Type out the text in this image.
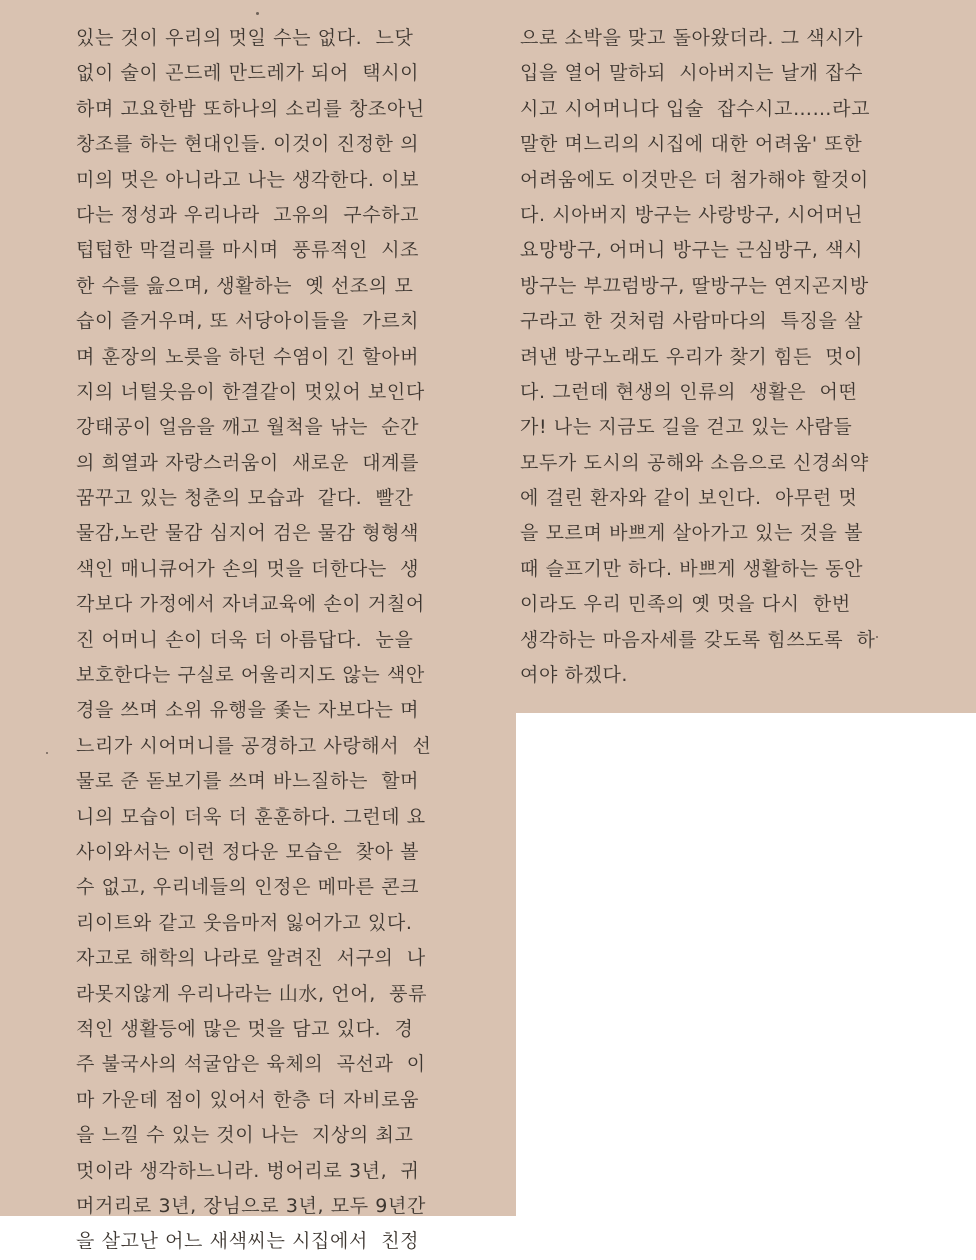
있는 것이 우리의 멋일 수는 없다.  느닷
없이 술이 곤드레 만드레가 되어  택시이
하며 고요한밤 또하나의 소리를 창조아닌
창조를 하는 현대인들. 이것이 진정한 의
미의 멋은 아니라고 나는 생각한다. 이보
다는 정성과 우리나라  고유의  구수하고
텁텁한 막걸리를 마시며  풍류적인  시조
한 수를 읊으며, 생활하는  옛 선조의 모
습이 즐거우며, 또 서당아이들을  가르치
며 훈장의 노릇을 하던 수염이 긴 할아버
지의 너털웃음이 한결같이 멋있어 보인다
강태공이 얼음을 깨고 월척을 낚는  순간
의 희열과 자랑스러움이  새로운  대계를
꿈꾸고 있는 청춘의 모습과  같다.  빨간
물감,노란 물감 심지어 검은 물감 형형색
색인 매니큐어가 손의 멋을 더한다는  생
각보다 가정에서 자녀교육에 손이 거칠어
진 어머니 손이 더욱 더 아름답다.  눈을
보호한다는 구실로 어울리지도 않는 색안
경을 쓰며 소위 유행을 좇는 자보다는 며
느리가 시어머니를 공경하고 사랑해서  선
물로 준 돋보기를 쓰며 바느질하는  할머
니의 모습이 더욱 더 훈훈하다. 그런데 요
사이와서는 이런 정다운 모습은  찾아 볼
수 없고, 우리네들의 인정은 메마른 콘크
리이트와 같고 웃음마저 잃어가고 있다.
자고로 해학의 나라로 알려진  서구의  나
라못지않게 우리나라는 山水, 언어,  풍류
적인 생활등에 많은 멋을 담고 있다.  경
주 불국사의 석굴암은 육체의  곡선과  이
마 가운데 점이 있어서 한층 더 자비로움
을 느낄 수 있는 것이 나는  지상의 최고
멋이라 생각하느니라. 벙어리로 3년,  귀
머거리로 3년, 장님으로 3년, 모두 9년간
을 살고난 어느 새색씨는 시집에서  친정
으로 소박을 맞고 돌아왔더라. 그 색시가
입을 열어 말하되  시아버지는 날개 잡수
시고 시어머니다 입술  잡수시고……라고
말한 며느리의 시집에 대한 어려움' 또한
어려움에도 이것만은 더 첨가해야 할것이
다. 시아버지 방구는 사랑방구, 시어머닌
요망방구, 어머니 방구는 근심방구, 색시
방구는 부끄럼방구, 딸방구는 연지곤지방
구라고 한 것처럼 사람마다의  특징을 살
려낸 방구노래도 우리가 찾기 힘든  멋이
다. 그런데 현생의 인류의  생활은  어떤
가! 나는 지금도 길을 걷고 있는 사람들
모두가 도시의 공해와 소음으로 신경쇠약
에 걸린 환자와 같이 보인다.  아무런 멋
을 모르며 바쁘게 살아가고 있는 것을 볼
때 슬프기만 하다. 바쁘게 생활하는 동안
이라도 우리 민족의 옛 멋을 다시  한번
생각하는 마음자세를 갖도록 힘쓰도록  하
여야 하겠다.
